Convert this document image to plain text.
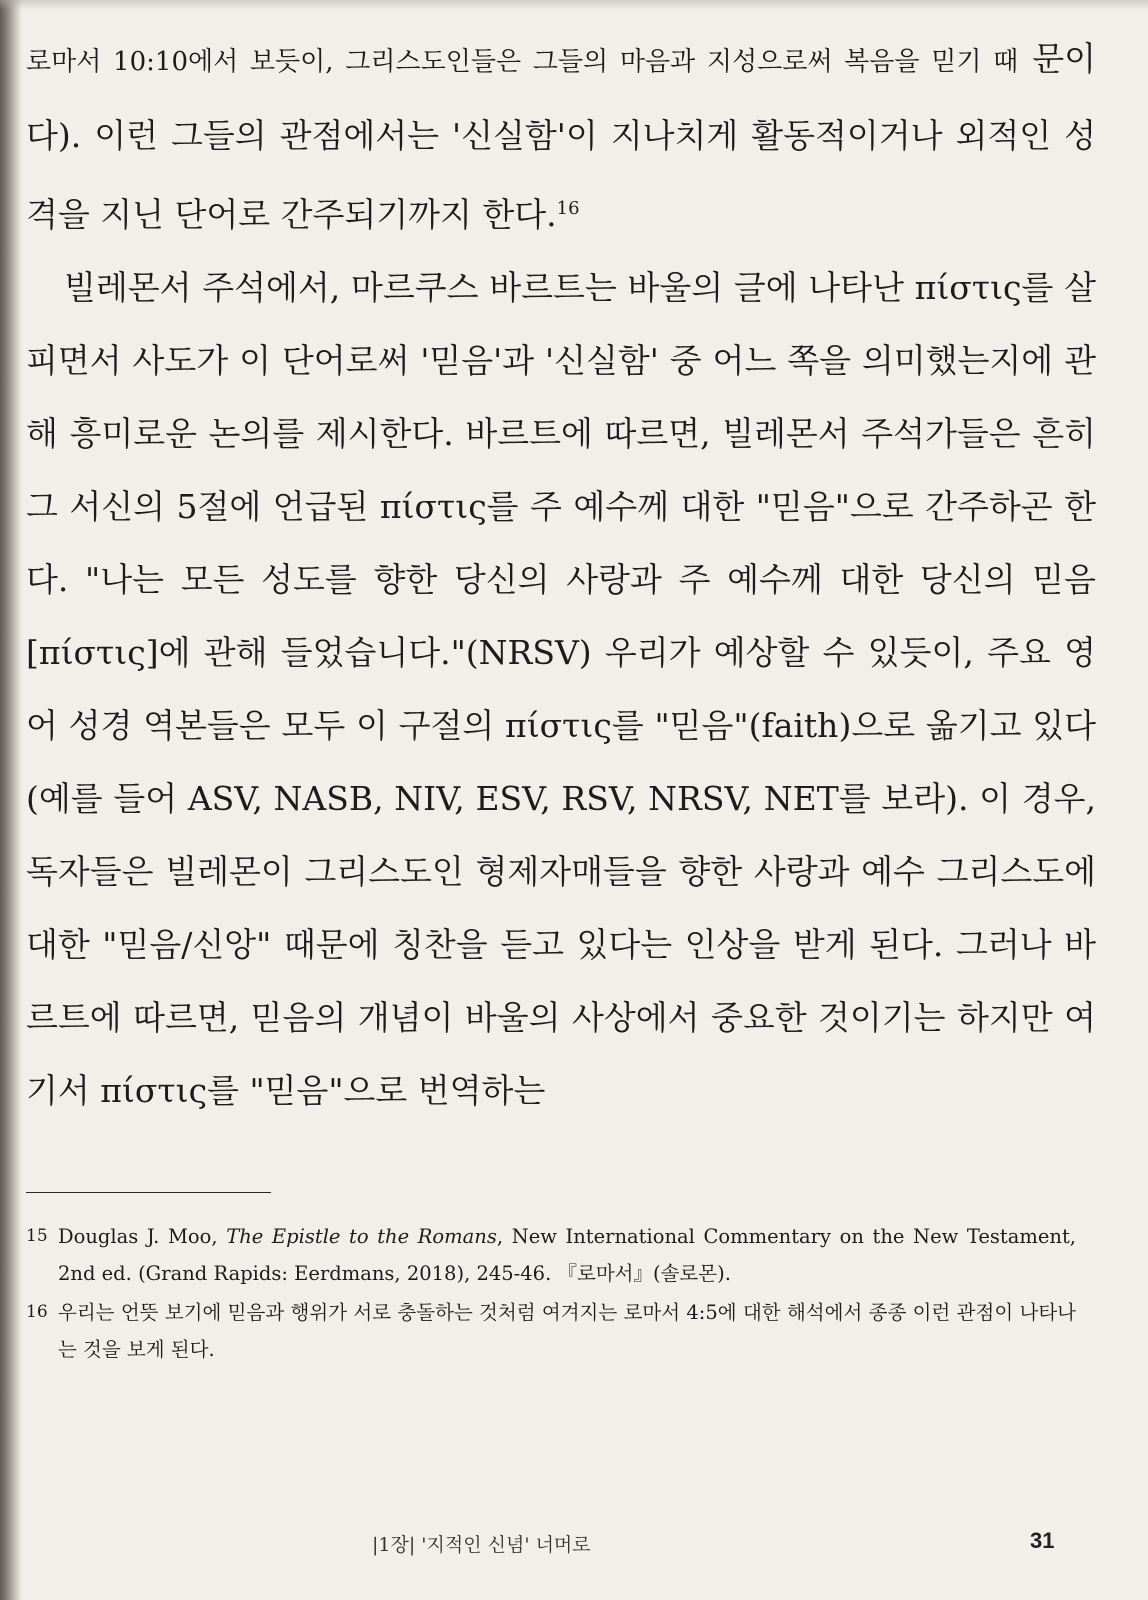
로마서 10:10에서 보듯이, 그리스도인들은 그들의 마음과 지성으로써 복음을 믿기 때 문이다). 이런 그들의 관점에서는 '신실함'이 지나치게 활동적이거나 외적인 성격을 지닌 단어로 간주되기까지 한다.$^{16}$

빌레몬서 주석에서, 마르쿠스 바르트는 바울의 글에 나타난 πίστις를 살피면서 사도가 이 단어로써 '믿음'과 '신실함' 중 어느 쪽을 의미했는지에 관해 흥미로운 논의를 제시한다. 바르트에 따르면, 빌레몬서 주석가들은 흔히 그 서신의 5절에 언급된 πίστις를 주 예수께 대한 "믿음"으로 간주하곤 한다. "나는 모든 성도를 향한 당신의 사랑과 주 예수께 대한 당신의 믿음[πίστις]에 관해 들었습니다."(NRSV) 우리가 예상할 수 있듯이, 주요 영어 성경 역본들은 모두 이 구절의 πίστις를 "믿음"(faith)으로 옮기고 있다(예를 들어 ASV, NASB, NIV, ESV, RSV, NRSV, NET를 보라). 이 경우, 독자들은 빌레몬이 그리스도인 형제자매들을 향한 사랑과 예수 그리스도에 대한 "믿음/신앙" 때문에 칭찬을 듣고 있다는 인상을 받게 된다. 그러나 바르트에 따르면, 믿음의 개념이 바울의 사상에서 중요한 것이기는 하지만 여기서 πίστις를 "믿음"으로 번역하는

15 Douglas J. Moo, The Epistle to the Romans, New International Commentary on the New Testament, 2nd ed. (Grand Rapids: Eerdmans, 2018), 245-46. 『로마서』(솔로몬).
16 우리는 언뜻 보기에 믿음과 행위가 서로 충돌하는 것처럼 여겨지는 로마서 4:5에 대한 해석에서 종종 이런 관점이 나타나는 것을 보게 된다.
|1장| '지적인 신념' 너머로	31
